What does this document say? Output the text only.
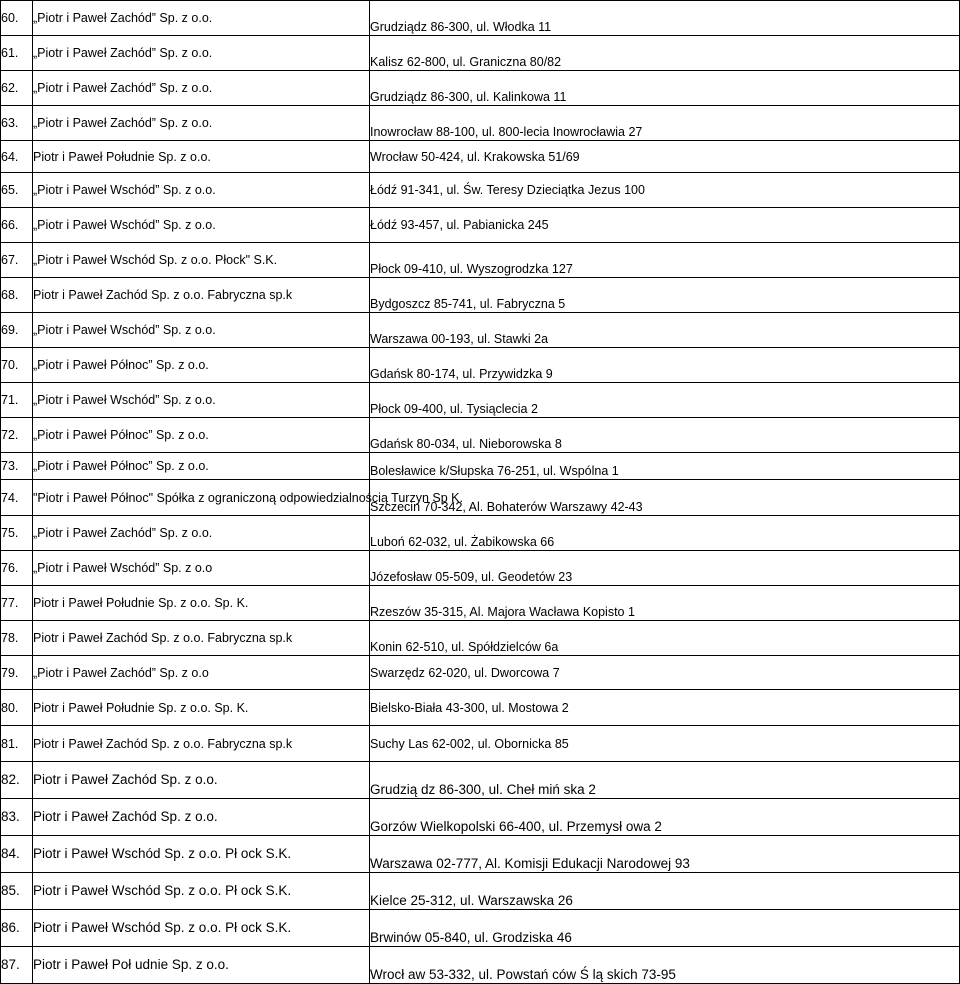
60.	„Piotr i Paweł Zachód” Sp. z o.o.	Grudziądz 86-300, ul. Włodka 11
61.	„Piotr i Paweł Zachód” Sp. z o.o.	Kalisz 62-800, ul. Graniczna 80/82
62.	„Piotr i Paweł Zachód” Sp. z o.o.	Grudziądz 86-300, ul. Kalinkowa 11
63.	„Piotr i Paweł Zachód” Sp. z o.o.	Inowrocław 88-100, ul. 800-lecia Inowrocławia 27
64.	Piotr i Paweł Południe Sp. z o.o.	Wrocław 50-424, ul. Krakowska 51/69
65.	„Piotr i Paweł Wschód” Sp. z o.o.	Łódź 91-341, ul. Św. Teresy Dzieciątka Jezus 100
66.	„Piotr i Paweł Wschód” Sp. z o.o.	Łódź 93-457, ul. Pabianicka 245
67.	„Piotr i Paweł Wschód Sp. z o.o. Płock" S.K.	Płock 09-410, ul. Wyszogrodzka 127
68.	Piotr i Paweł Zachód Sp. z o.o. Fabryczna sp.k	Bydgoszcz 85-741, ul. Fabryczna 5
69.	„Piotr i Paweł Wschód” Sp. z o.o.	Warszawa 00-193, ul. Stawki 2a
70.	„Piotr i Paweł Północ” Sp. z o.o.	Gdańsk 80-174, ul. Przywidzka 9
71.	„Piotr i Paweł Wschód” Sp. z o.o.	Płock 09-400, ul. Tysiąclecia 2
72.	„Piotr i Paweł Północ” Sp. z o.o.	Gdańsk 80-034, ul. Nieborowska 8
73.	„Piotr i Paweł Północ” Sp. z o.o.	Bolesławice k/Słupska 76-251, ul. Wspólna 1
74.	"Piotr i Paweł Północ" Spółka z ograniczoną odpowiedzialnością Turzyn Sp K.	Szczecin 70-342, Al. Bohaterów Warszawy 42-43
75.	„Piotr i Paweł Zachód” Sp. z o.o.	Luboń 62-032, ul. Żabikowska 66
76.	„Piotr i Paweł Wschód” Sp. z o.o	Józefosław 05-509, ul. Geodetów 23
77.	Piotr i Paweł Południe Sp. z o.o. Sp. K.	Rzeszów 35-315, Al. Majora Wacława Kopisto 1
78.	Piotr i Paweł Zachód Sp. z o.o. Fabryczna sp.k	Konin 62-510, ul. Spółdzielców 6a
79.	„Piotr i Paweł Zachód” Sp. z o.o	Swarzędz 62-020, ul. Dworcowa 7
80.	Piotr i Paweł Południe Sp. z o.o. Sp. K.	Bielsko-Biała 43-300, ul. Mostowa 2
81.	Piotr i Paweł Zachód Sp. z o.o. Fabryczna sp.k	Suchy Las 62-002, ul. Obornicka 85
82.	Piotr i Paweł Zachód Sp. z o.o.	Grudzią dz 86-300, ul. Cheł miń ska 2
83.	Piotr i Paweł Zachód Sp. z o.o.	Gorzów Wielkopolski 66-400, ul. Przemysł owa 2
84.	Piotr i Paweł Wschód Sp. z o.o. Pł ock S.K.	Warszawa 02-777, Al. Komisji Edukacji Narodowej 93
85.	Piotr i Paweł Wschód Sp. z o.o. Pł ock S.K.	Kielce 25-312, ul. Warszawska 26
86.	Piotr i Paweł Wschód Sp. z o.o. Pł ock S.K.	Brwinów 05-840, ul. Grodziska 46
87.	Piotr i Paweł Poł udnie Sp. z o.o.	Wrocł aw 53-332, ul. Powstań ców Ś lą skich 73-95
